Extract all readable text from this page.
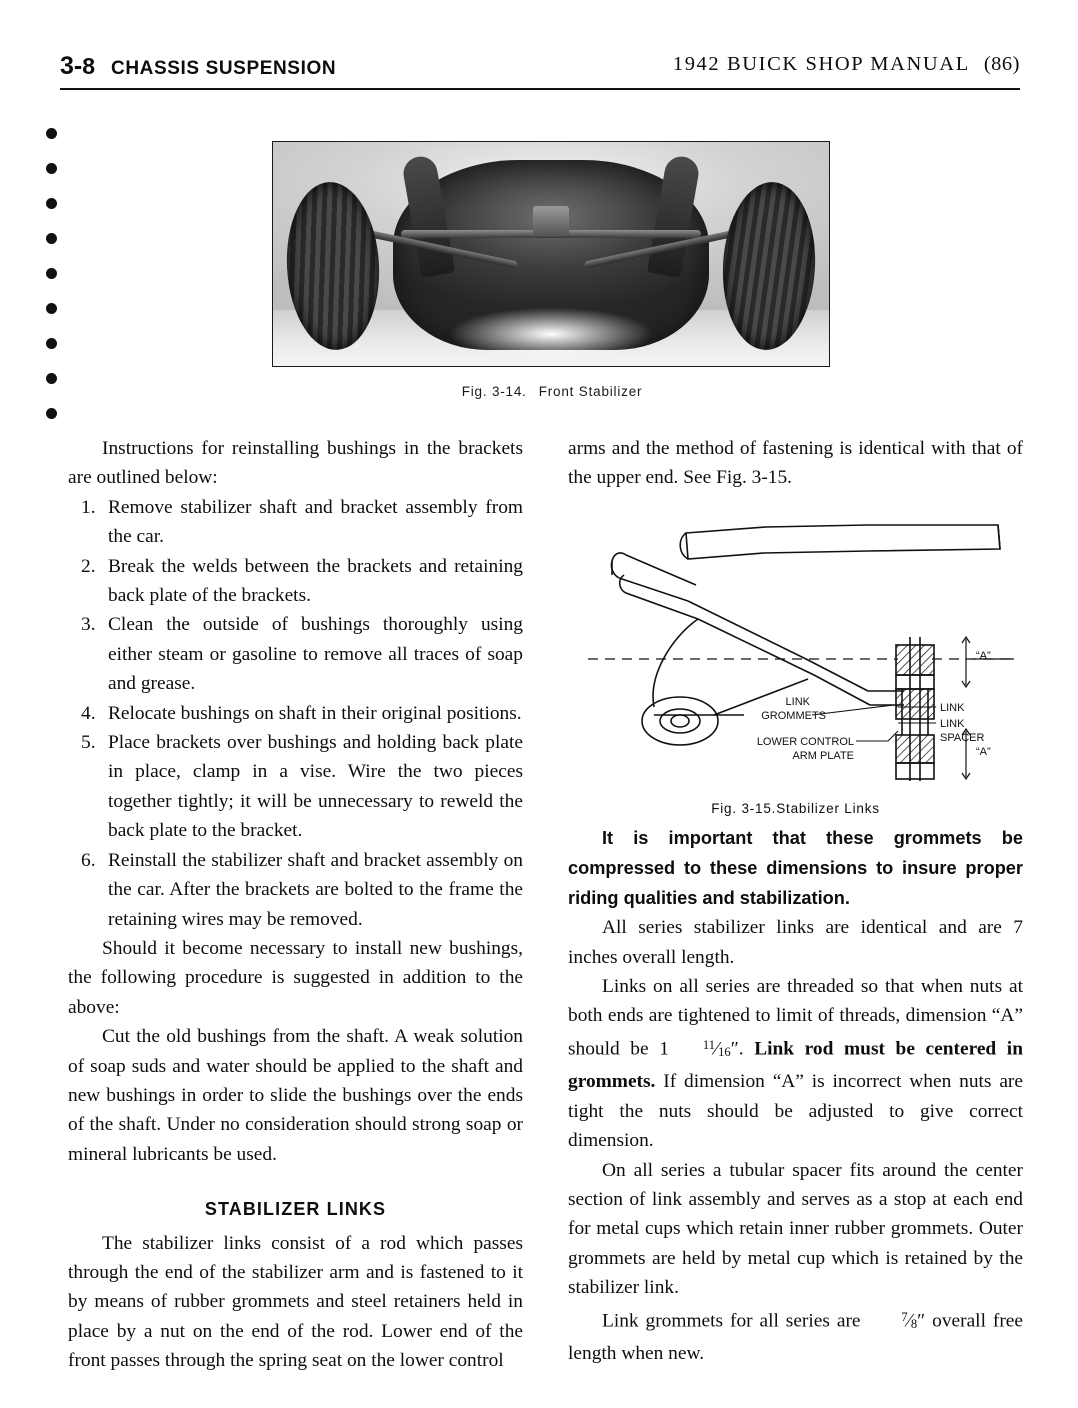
3-8 CHASSIS SUSPENSION	1942 BUICK SHOP MANUAL (86)
Fig. 3-14. Front Stabilizer

Instructions for reinstalling bushings in the brackets are outlined below:

Remove stabilizer shaft and bracket assembly from the car.
Break the welds between the brackets and retaining back plate of the brackets.
Clean the outside of bushings thoroughly using either steam or gasoline to remove all traces of soap and grease.
Relocate bushings on shaft in their original positions.
Place brackets over bushings and holding back plate in place, clamp in a vise. Wire the two pieces together tightly; it will be unnecessary to reweld the back plate to the bracket.
Reinstall the stabilizer shaft and bracket assembly on the car. After the brackets are bolted to the frame the retaining wires may be removed.

Should it become necessary to install new bushings, the following procedure is suggested in addition to the above:

Cut the old bushings from the shaft. A weak solution of soap suds and water should be applied to the shaft and new bushings in order to slide the bushings over the ends of the shaft. Under no consideration should strong soap or mineral lubricants be used.

STABILIZER LINKS

The stabilizer links consist of a rod which passes through the end of the stabilizer arm and is fastened to it by means of rubber grommets and steel retainers held in place by a nut on the end of the rod. Lower end of the front passes through the spring seat on the lower control

arms and the method of fastening is identical with that of the upper end. See Fig. 3-15.

“A”
“A”
LINK
LINK
SPACER
LINK
GROMMETS
LOWER CONTROL
ARM PLATE
Fig. 3-15.Stabilizer Links

It is important that these grommets be compressed to these dimensions to insure proper riding qualities and stabilization.

All series stabilizer links are identical and are 7 inches overall length.

Links on all series are threaded so that when nuts at both ends are tightened to limit of threads, dimension “A” should be 1	$^{11}⁄_{16}''$. Link rod must be centered in grommets. If dimension “A” is incorrect when nuts are tight the nuts should be adjusted to give correct dimension.

On all series a tubular spacer fits around the center section of link assembly and serves as a stop at each end for metal cups which retain inner rubber grommets. Outer grommets are held by metal cup which is retained by the stabilizer link.

Link grommets for all series are	$^7⁄_8''$ overall free length when new.
